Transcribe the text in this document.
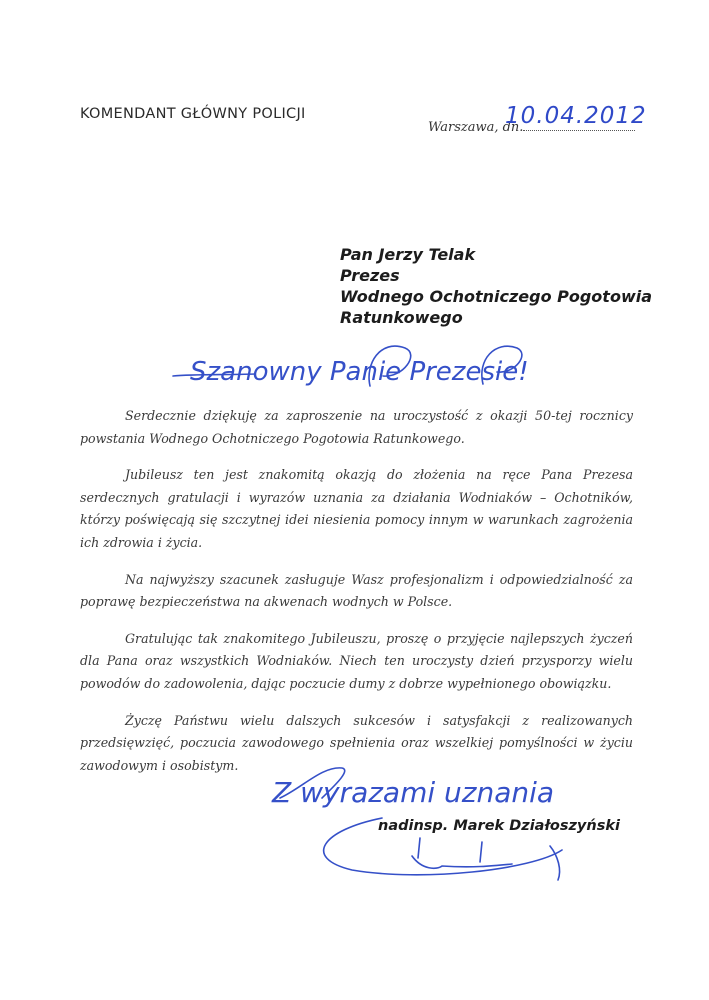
KOMENDANT GŁÓWNY POLICJI
Warszawa, dn.
10.04.2012
Pan Jerzy Telak
Prezes
Wodnego Ochotniczego Pogotowia
Ratunkowego
Szanowny Panie Prezesie!

Serdecznie dziękuję za zaproszenie na uroczystość z okazji 50-tej rocznicy powstania Wodnego Ochotniczego Pogotowia Ratunkowego.

Jubileusz ten jest znakomitą okazją do złożenia na ręce Pana Prezesa serdecznych gratulacji i wyrazów uznania za działania Wodniaków – Ochotników, którzy poświęcają się szczytnej idei niesienia pomocy innym w warunkach zagrożenia ich zdrowia i życia.

Na najwyższy szacunek zasługuje Wasz profesjonalizm i odpowiedzialność za poprawę bezpieczeństwa na akwenach wodnych w Polsce.

Gratulując tak znakomitego Jubileuszu, proszę o przyjęcie najlepszych życzeń dla Pana oraz wszystkich Wodniaków. Niech ten uroczysty dzień przysporzy wielu powodów do zadowolenia, dając poczucie dumy z dobrze wypełnionego obowiązku.

Życzę Państwu wielu dalszych sukcesów i satysfakcji z realizowanych przedsięwzięć, poczucia zawodowego spełnienia oraz wszelkiej pomyślności w życiu zawodowym i osobistym.

Z wyrazami uznania
nadinsp. Marek Działoszyński
